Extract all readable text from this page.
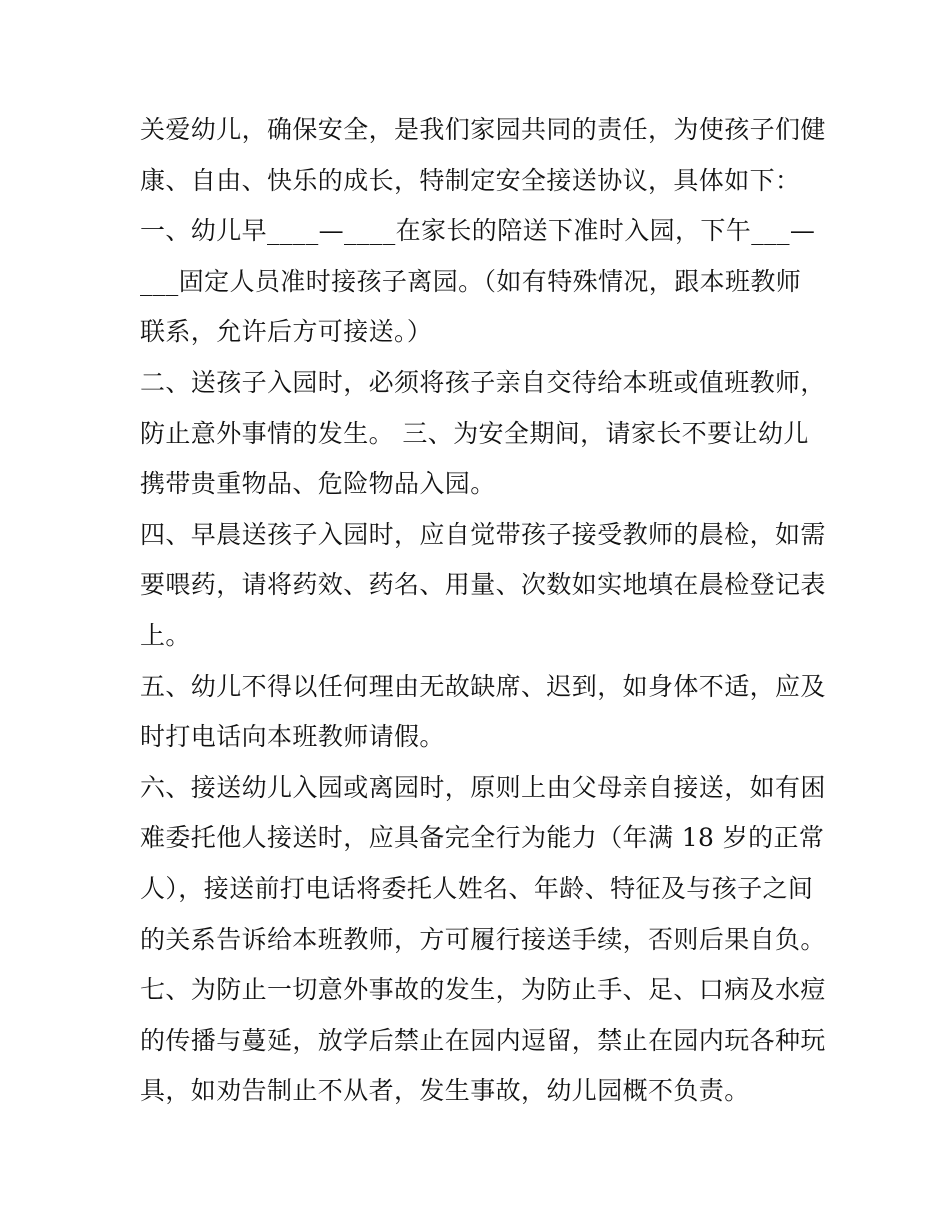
关爱幼儿，确保安全，是我们家园共同的责任，为使孩子们健
康、自由、快乐的成长，特制定安全接送协议，具体如下：
一、幼儿早____—____在家长的陪送下准时入园，下午___—
___固定人员准时接孩子离园。（如有特殊情况，跟本班教师
联系，允许后方可接送。）
二、送孩子入园时，必须将孩子亲自交待给本班或值班教师，
防止意外事情的发生。 三、为安全期间，请家长不要让幼儿
携带贵重物品、危险物品入园。
四、早晨送孩子入园时，应自觉带孩子接受教师的晨检，如需
要喂药，请将药效、药名、用量、次数如实地填在晨检登记表
上。
五、幼儿不得以任何理由无故缺席、迟到，如身体不适，应及
时打电话向本班教师请假。
六、接送幼儿入园或离园时，原则上由父母亲自接送，如有困
难委托他人接送时，应具备完全行为能力（年满 18 岁的正常
人），接送前打电话将委托人姓名、年龄、特征及与孩子之间
的关系告诉给本班教师，方可履行接送手续，否则后果自负。
七、为防止一切意外事故的发生，为防止手、足、口病及水痘
的传播与蔓延，放学后禁止在园内逗留，禁止在园内玩各种玩
具，如劝告制止不从者，发生事故，幼儿园概不负责。
